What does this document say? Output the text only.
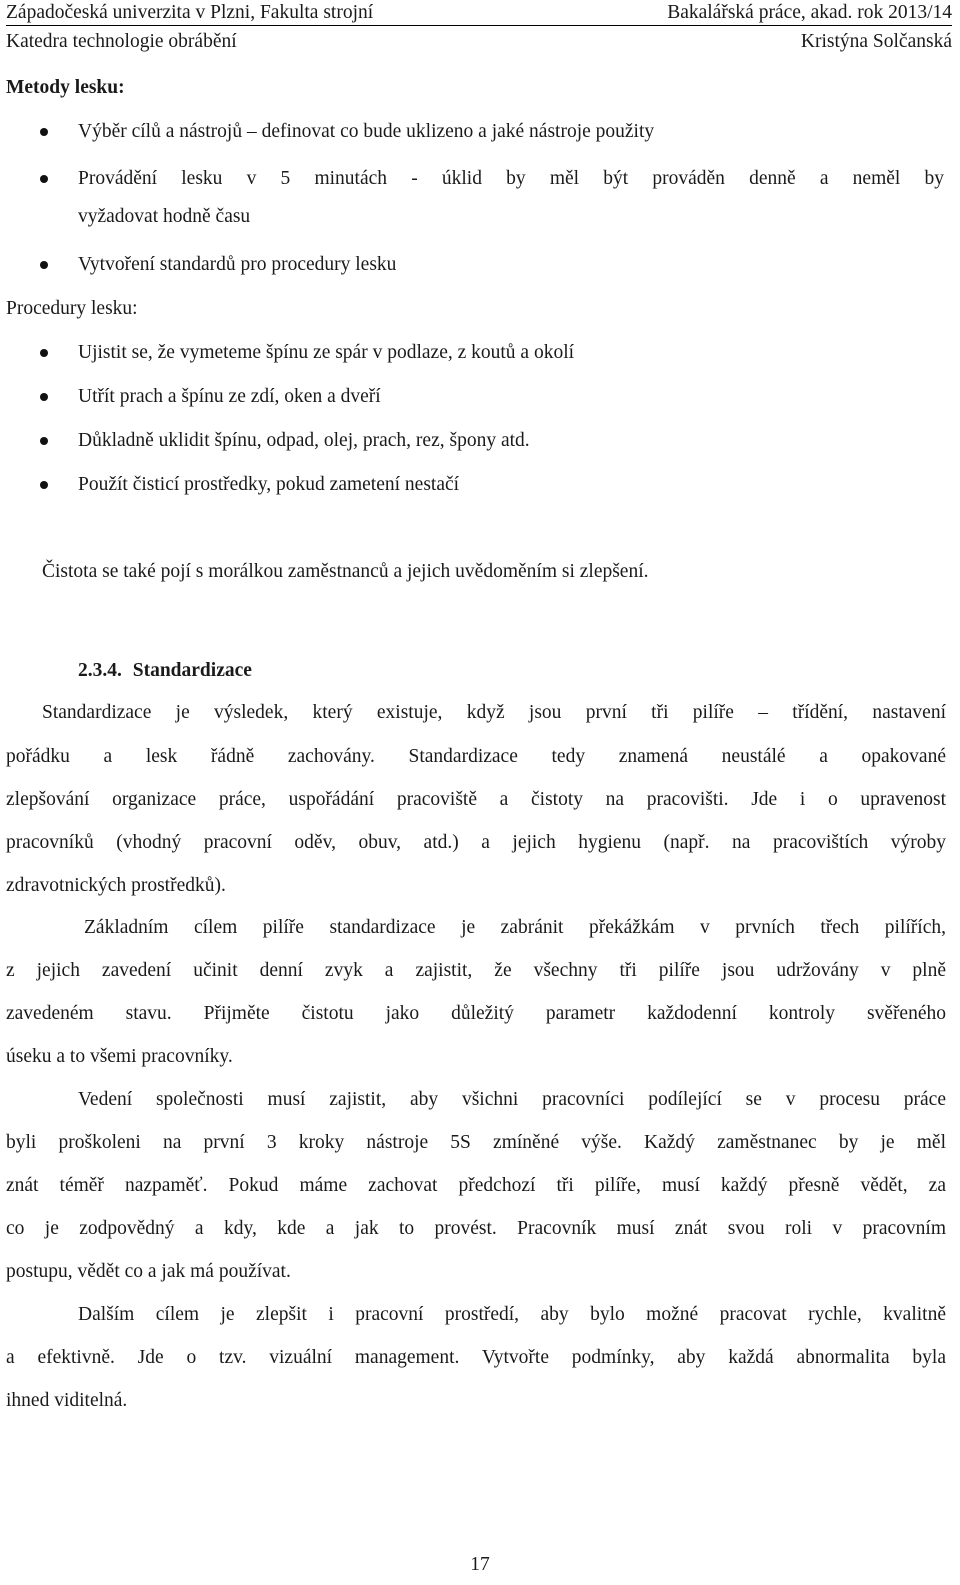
Západočeská univerzita v Plzni, Fakulta strojní	Bakalářská práce, akad. rok 2013/14
Katedra technologie obrábění	Kristýna Solčanská
Metody lesku:
Výběr cílů a nástrojů – definovat co bude uklizeno a jaké nástroje použity
Provádění lesku v 5 minutách - úklid by měl být prováděn denně a neměl by
vyžadovat hodně času
Vytvoření standardů pro procedury lesku
Procedury lesku:
Ujistit se, že vymeteme špínu ze spár v podlaze, z koutů a okolí
Utřít prach a špínu ze zdí, oken a dveří
Důkladně uklidit špínu, odpad, olej, prach, rez, špony atd.
Použít čisticí prostředky, pokud zametení nestačí
Čistota se také pojí s morálkou zaměstnanců a jejich uvědoměním si zlepšení.
2.3.4. Standardizace
Standardizace je výsledek, který existuje, když jsou první tři pilíře – třídění, nastavení
pořádku a lesk řádně zachovány. Standardizace tedy znamená neustálé a opakované
zlepšování organizace práce, uspořádání pracoviště a čistoty na pracovišti. Jde i o upravenost
pracovníků (vhodný pracovní oděv, obuv, atd.) a jejich hygienu (např. na pracovištích výroby
zdravotnických prostředků).
Základním cílem pilíře standardizace je zabránit překážkám v prvních třech pilířích,
z jejich zavedení učinit denní zvyk a zajistit, že všechny tři pilíře jsou udržovány v plně
zavedeném stavu. Přijměte čistotu jako důležitý parametr každodenní kontroly svěřeného
úseku a to všemi pracovníky.
Vedení společnosti musí zajistit, aby všichni pracovníci podílející se v procesu práce
byli proškoleni na první 3 kroky nástroje 5S zmíněné výše. Každý zaměstnanec by je měl
znát téměř nazpaměť. Pokud máme zachovat předchozí tři pilíře, musí každý přesně vědět, za
co je zodpovědný a kdy, kde a jak to provést. Pracovník musí znát svou roli v pracovním
postupu, vědět co a jak má používat.
Dalším cílem je zlepšit i pracovní prostředí, aby bylo možné pracovat rychle, kvalitně
a efektivně. Jde o tzv. vizuální management. Vytvořte podmínky, aby každá abnormalita byla
ihned viditelná.
17
